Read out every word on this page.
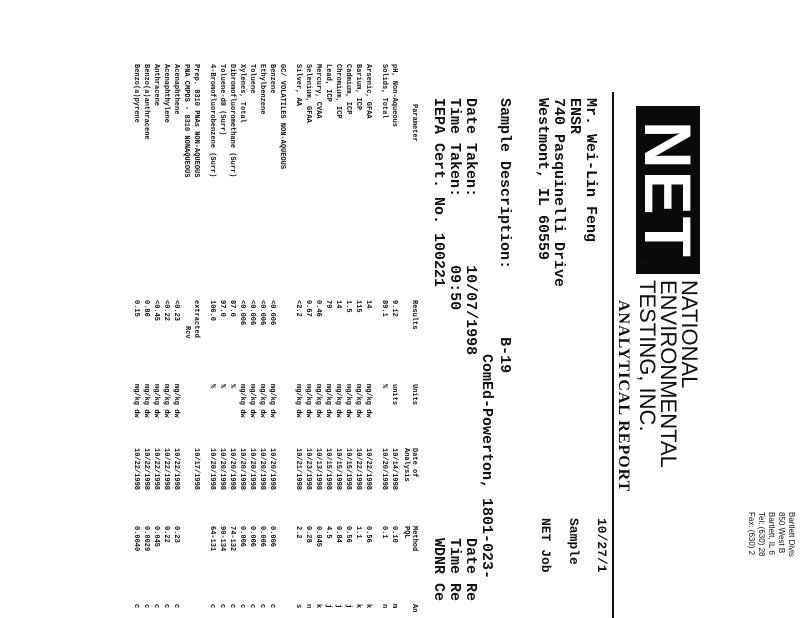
Bartlett Divis
850 West B
Bartlett, IL 6
Tel: (630) 28
Fax: (630) 2
NET
NATIONAL
ENVIRONMENTAL
TESTING, INC.
®
ANALYTICAL REPORT
10/27/1
Sample
NET Job
Mr. Wei-Lin Feng
ENSR
740 Pasquinelli Drive
Westmont, IL 60559
Sample Description:  B-19
ComEd-Powerton, 1801-023-
Date Taken:  10/07/1998
Time Taken:  09:50
IEPA Cert. No. 100221
Date Re
Time Re
WDNR Ce
Parameter
Results
Units
Date of Analysis
Method PQL
An
pH, Non-Aqueous
9.12
units
10/14/1998
0.10
m
Solids, Total
89.1
%
10/20/1998
0.1
n
Arsenic, GFAA
14
mg/kg dw
10/22/1998
0.56
k
Barium, ICP
115
mg/kg dw
10/22/1998
1.1
k
Cadmium, ICP
1.5
mg/kg dw
10/15/1998
0.56
j
Chromium, ICP
14
mg/kg dw
10/15/1998
0.84
j
Lead, ICP
79
mg/kg dw
10/15/1998
4.5
j
Mercury, CVAA
0.46
mg/kg dw
10/13/1998
0.045
k
Selenium, GFAA
0.67
mg/kg dw
10/23/1998
0.28
n
Silver, AA
<2.2
mg/kg dw
10/21/1998
2.2
s
GC/ VOLATILES NON-AQUEOUS
Benzene
<0.006
mg/kg dw
10/20/1998
0.006
c
Ethylbenzene
<0.006
mg/kg dw
10/20/1998
0.006
c
Toluene
<0.006
mg/kg dw
10/20/1998
0.006
c
Xylenes, Total
<0.006
mg/kg dw
10/20/1998
0.006
c
Dibromofluoromethane (Surr)
87.0
%
10/20/1998
74-132
c
Toluene-d8 (Surr)
97.0
%
10/20/1998
90-134
c
4-Bromofluorobenzene (Surr)
106.0
%
10/20/1998
64-131
c
Prep. 8310 PNAs NON-AQUEOUS
extracted
10/17/1998
Rcv
PNA CMPDS - 8310 NONAQUEOUS
Acenaphthene
<0.23
mg/kg dw
10/22/1998
0.23
c
Acenaphthylene
<0.22
mg/kg dw
10/22/1998
0.22
c
Anthracene
<0.45
mg/kg dw
10/22/1998
0.045
c
Benzo(a)anthracene
0.86
mg/kg dw
10/22/1998
0.0029
c
Benzo(a)pyrene
0.15
mg/kg dw
10/22/1998
0.0040
c
